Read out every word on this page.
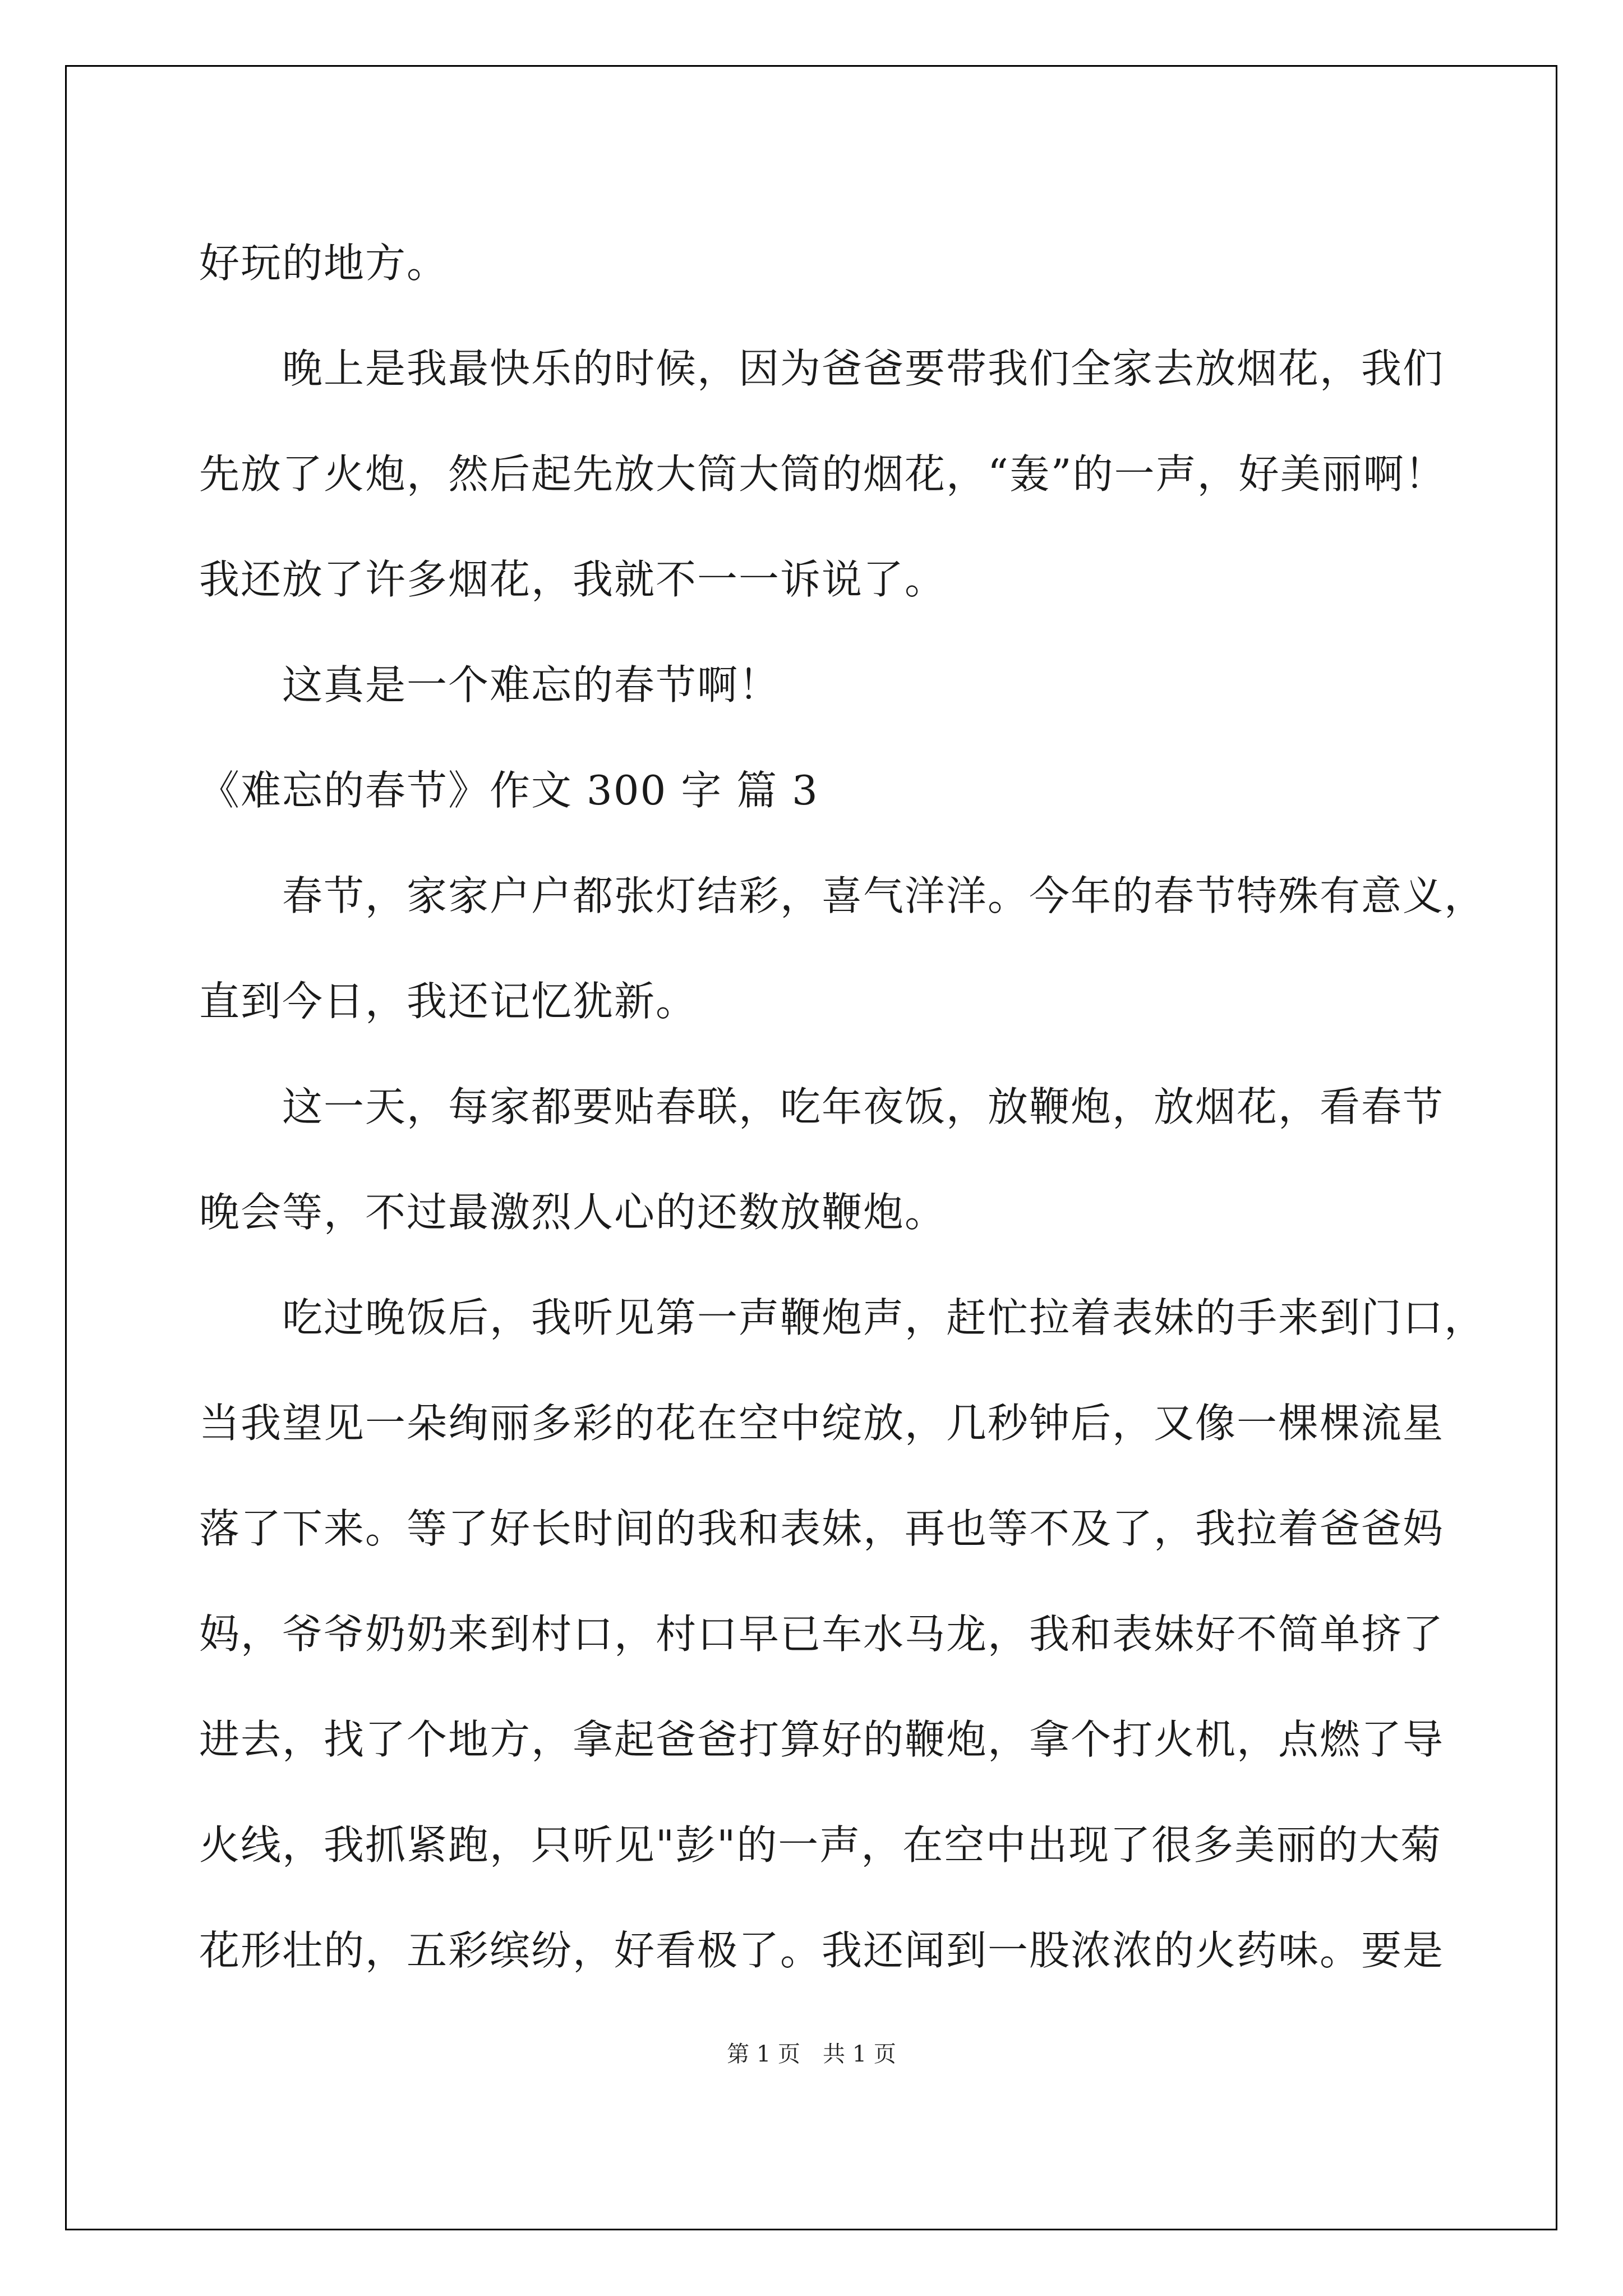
好玩的地方。
　　晚上是我最快乐的时候，因为爸爸要带我们全家去放烟花，我们
先放了火炮，然后起先放大筒大筒的烟花，“轰”的一声，好美丽啊！
我还放了许多烟花，我就不一一诉说了。
　　这真是一个难忘的春节啊！
《难忘的春节》作文 300 字 篇 3
　　春节，家家户户都张灯结彩，喜气洋洋。今年的春节特殊有意义，
直到今日，我还记忆犹新。
　　这一天，每家都要贴春联，吃年夜饭，放鞭炮，放烟花，看春节
晚会等，不过最激烈人心的还数放鞭炮。
　　吃过晚饭后，我听见第一声鞭炮声，赶忙拉着表妹的手来到门口，
当我望见一朵绚丽多彩的花在空中绽放，几秒钟后，又像一棵棵流星
落了下来。等了好长时间的我和表妹，再也等不及了，我拉着爸爸妈
妈，爷爷奶奶来到村口，村口早已车水马龙，我和表妹好不简单挤了
进去，找了个地方，拿起爸爸打算好的鞭炮，拿个打火机，点燃了导
火线，我抓紧跑，只听见"彭"的一声，在空中出现了很多美丽的大菊
花形壮的，五彩缤纷，好看极了。我还闻到一股浓浓的火药味。要是
第 1 页　共 1 页
